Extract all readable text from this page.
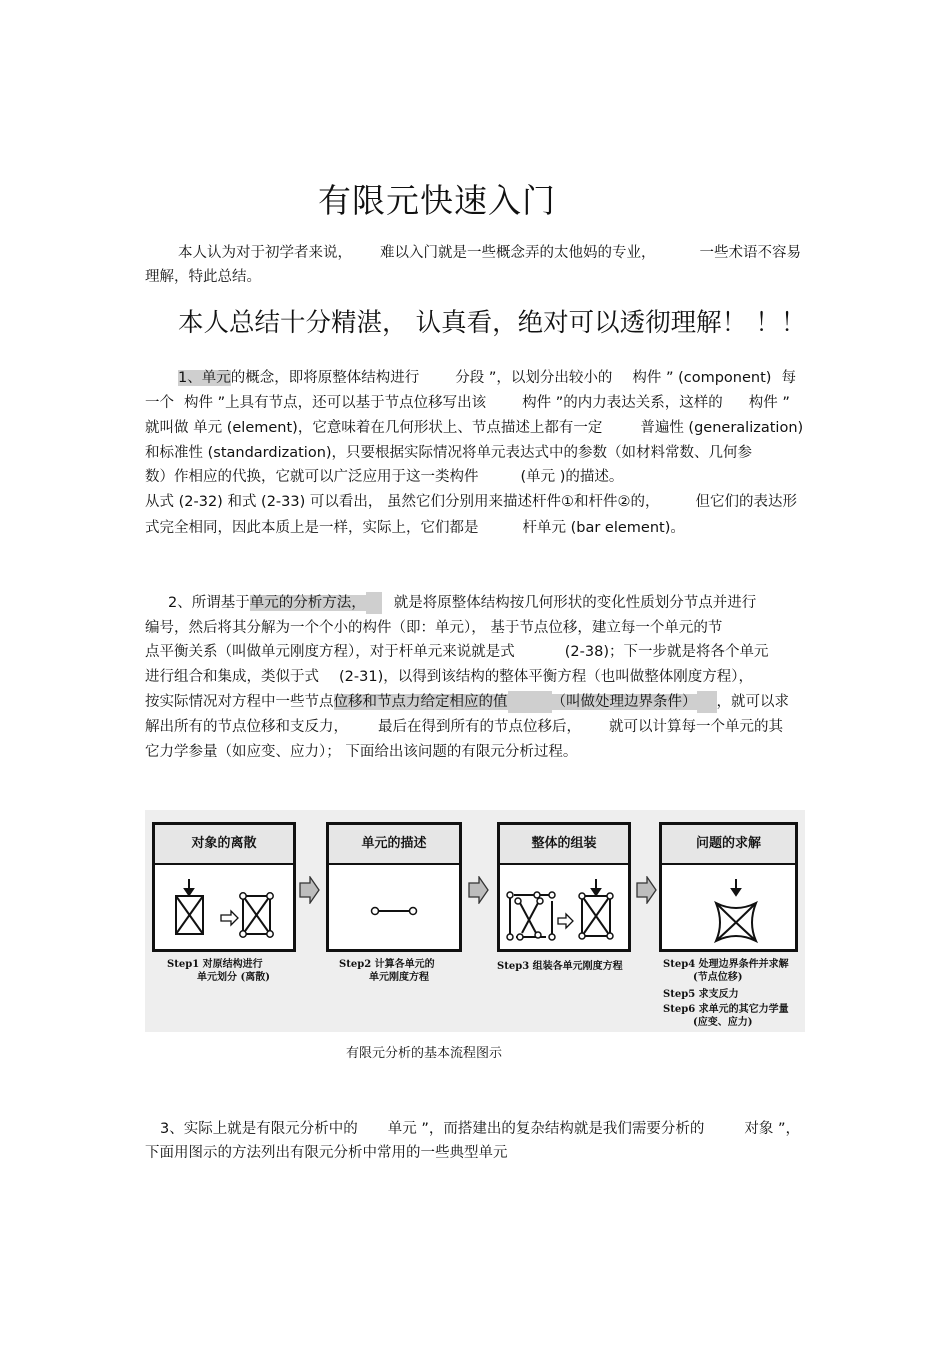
有限元快速入门
本人认为对于初学者来说， 难以入门就是一些概念弄的太他妈的专业，	一些术语不容易
理解，特此总结。
本人总结十分精湛， 认真看，绝对可以透彻理解！ ！！
1、单元的概念，即将原整体结构进行 分段 ”，以划分出较小的 构件 ” (component) 每
一个 构件 ”上具有节点，还可以基于节点位移写出该 构件 ”的内力表达关系，这样的 构件 ”
就叫做 单元 (element)，它意味着在几何形状上、节点描述上都有一定	普遍性 (generalization)
和标准性 (standardization)，只要根据实际情况将单元表达式中的参数（如材料常数、几何参
数）作相应的代换，它就可以广泛应用于这一类构件	(单元 )的描述。
从式 (2-32) 和式 (2-33) 可以看出， 虽然它们分别用来描述杆件①和杆件②的， 但它们的表达形
式完全相同，因此本质上是一样，实际上，它们都是	杆单元 (bar element)。
2、所谓基于单元的分析方法， 就是将原整体结构按几何形状的变化性质划分节点并进行
编号，然后将其分解为一个个小的构件（即：单元）， 基于节点位移，建立每一个单元的节
点平衡关系（叫做单元刚度方程），对于杆单元来说就是式	(2-38)；下一步就是将各个单元
进行组合和集成，类似于式 (2-31)，以得到该结构的整体平衡方程（也叫做整体刚度方程），
按实际情况对方程中一些节点位移和节点力给定相应的值	（叫做处理边界条件） ，就可以求
解出所有的节点位移和支反力， 最后在得到所有的节点位移后， 就可以计算每一个单元的其
它力学参量（如应变、应力）； 下面给出该问题的有限元分析过程。
对象的离散
Step1 对原结构进行
单元划分 (离散)
单元的描述
Step2 计算各单元的
单元刚度方程
整体的组装
Step3 组装各单元刚度方程
问题的求解
Step4 处理边界条件并求解
(节点位移)
Step5 求支反力
Step6 求单元的其它力学量
(应变、应力)
有限元分析的基本流程图示
3、实际上就是有限元分析中的 单元 ”，而搭建出的复杂结构就是我们需要分析的	对象 ”，
下面用图示的方法列出有限元分析中常用的一些典型单元
